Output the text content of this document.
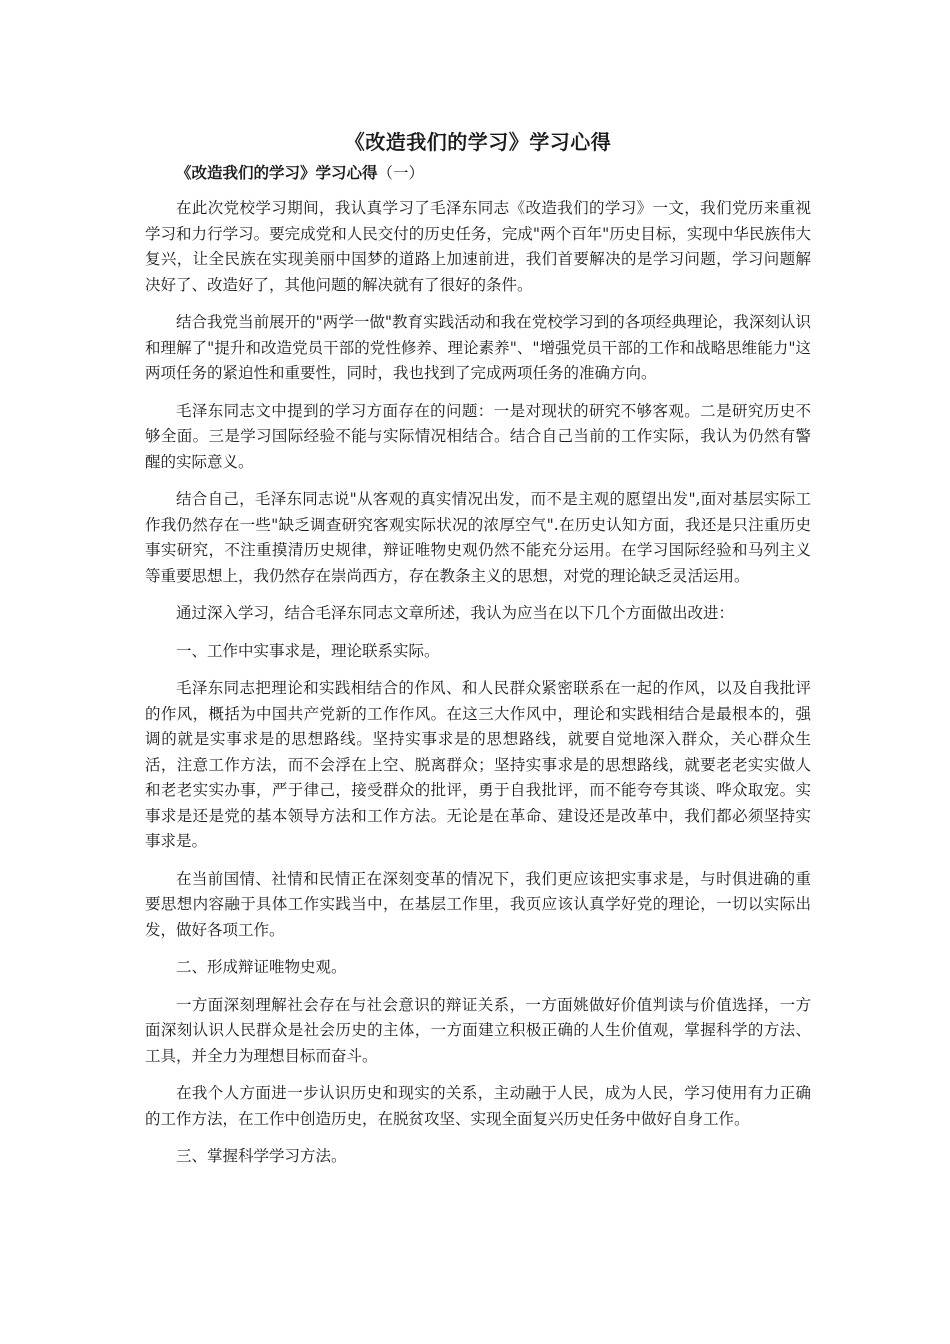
《改造我们的学习》学习心得

《改造我们的学习》学习心得（一）

在此次党校学习期间，我认真学习了毛泽东同志《改造我们的学习》一文，我们党历来重视学习和力行学习。要完成党和人民交付的历史任务，完成"两个百年"历史目标，实现中华民族伟大复兴，让全民族在实现美丽中国梦的道路上加速前进，我们首要解决的是学习问题，学习问题解决好了、改造好了，其他问题的解决就有了很好的条件。

结合我党当前展开的"两学一做"教育实践活动和我在党校学习到的各项经典理论，我深刻认识和理解了"提升和改造党员干部的党性修养、理论素养"、"增强党员干部的工作和战略思维能力"这两项任务的紧迫性和重要性，同时，我也找到了完成两项任务的准确方向。

毛泽东同志文中提到的学习方面存在的问题：一是对现状的研究不够客观。二是研究历史不够全面。三是学习国际经验不能与实际情况相结合。结合自己当前的工作实际，我认为仍然有警醒的实际意义。

结合自己，毛泽东同志说"从客观的真实情况出发，而不是主观的愿望出发",面对基层实际工作我仍然存在一些"缺乏调查研究客观实际状况的浓厚空气".在历史认知方面，我还是只注重历史事实研究，不注重摸清历史规律，辩证唯物史观仍然不能充分运用。在学习国际经验和马列主义等重要思想上，我仍然存在崇尚西方，存在教条主义的思想，对党的理论缺乏灵活运用。

通过深入学习，结合毛泽东同志文章所述，我认为应当在以下几个方面做出改进：

一、工作中实事求是，理论联系实际。

毛泽东同志把理论和实践相结合的作风、和人民群众紧密联系在一起的作风，以及自我批评的作风，概括为中国共产党新的工作作风。在这三大作风中，理论和实践相结合是最根本的，强调的就是实事求是的思想路线。坚持实事求是的思想路线，就要自觉地深入群众，关心群众生活，注意工作方法，而不会浮在上空、脱离群众；坚持实事求是的思想路线，就要老老实实做人和老老实实办事，严于律己，接受群众的批评，勇于自我批评，而不能夸夸其谈、哗众取宠。实事求是还是党的基本领导方法和工作方法。无论是在革命、建设还是改革中，我们都必须坚持实事求是。

在当前国情、社情和民情正在深刻变革的情况下，我们更应该把实事求是，与时俱进确的重要思想内容融于具体工作实践当中，在基层工作里，我页应该认真学好党的理论，一切以实际出发，做好各项工作。

二、形成辩证唯物史观。

一方面深刻理解社会存在与社会意识的辩证关系，一方面姚做好价值判读与价值选择，一方面深刻认识人民群众是社会历史的主体，一方面建立积极正确的人生价值观，掌握科学的方法、工具，并全力为理想目标而奋斗。

在我个人方面进一步认识历史和现实的关系，主动融于人民，成为人民，学习使用有力正确的工作方法，在工作中创造历史，在脱贫攻坚、实现全面复兴历史任务中做好自身工作。

三、掌握科学学习方法。
